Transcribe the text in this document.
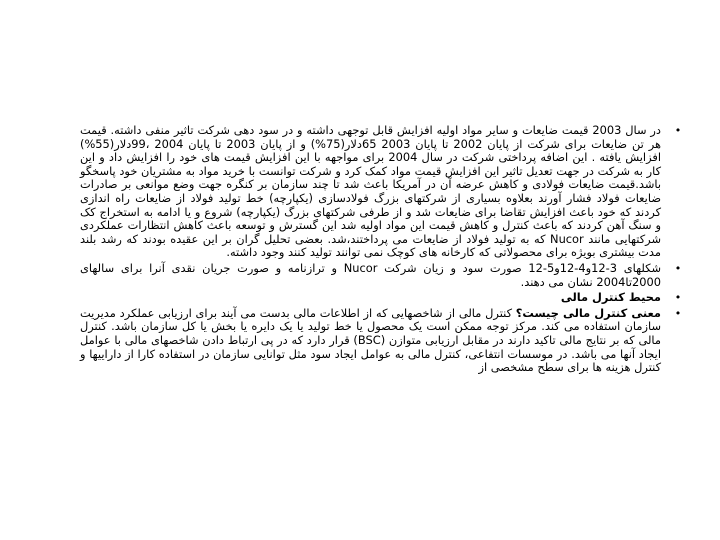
•
در سال 2003 قیمت ضایعات و سایر مواد اولیه افزایش قابل توجهی داشته و در سود دهی شرکت تاثیر منفی داشته. قیمت هر تن ضایعات برای شرکت از پایان 2002 تا پایان 2003 65دلار(75%) و از پایان 2003 تا پایان 2004 ،99دلار(55%) افزایش یافته . این اضافه پرداختی شرکت در سال 2004 برای مواجهه با این افزایش قیمت های خود را افزایش داد و این کار به شرکت در جهت تعدیل تاثیر این افزایش قیمت مواد کمک کرد و شرکت توانست با خرید مواد به مشتریان خود پاسخگو باشد.قیمت ضایعات فولادی و کاهش عرضه آن در آمریکا باعث شد تا چند سازمان بر کنگره جهت وضع موانعی بر صادرات ضایعات فولاد فشار آورند بعلاوه بسیاری از شرکتهای بزرگ فولادسازی (یکپارچه) خط تولید فولاد از ضایعات راه اندازی کردند که خود باعث افزایش تقاضا برای ضایعات شد و از طرفی شرکتهای بزرگ (یکپارچه) شروع و یا ادامه به استخراج کک و سنگ آهن کردند که باعث کنترل و کاهش قیمت این مواد اولیه شد این گسترش و توسعه باعث کاهش انتظارات عملکردی شرکتهایی مانند Nucor که به تولید فولاد از ضایعات می پرداختند،شد. بعضی تحلیل گران بر این عقیده بودند که رشد بلند مدت بیشتری بویژه برای محصولاتی که کارخانه های کوچک نمی توانند تولید کنند وجود داشته.
•
شکلهای 3-12و4-12و5-12 صورت سود و زیان شرکت Nucor و ترازنامه و صورت جریان نقدی آنرا برای سالهای 2000تا2004 نشان می دهند.
•
محیط کنترل مالی
•
معنی کنترل مالی چیست؟ کنترل مالی از شاخصهایی که از اطلاعات مالی بدست می آیند برای ارزیابی عملکرد مدیریت سازمان استفاده می کند. مرکز توجه ممکن است یک محصول یا خط تولید یا یک دایره یا بخش یا کل سازمان باشد. کنترل مالی که بر نتایج مالی تاکید دارند در مقابل ارزیابی متوازن (BSC) قرار دارد که در پی ارتباط دادن شاخصهای مالی با عوامل ایجاد آنها می باشد. در موسسات انتفاعی، کنترل مالی به عوامل ایجاد سود مثل توانایی سازمان در استفاده کارا از داراییها و کنترل هزینه ها برای سطح مشخصی از
